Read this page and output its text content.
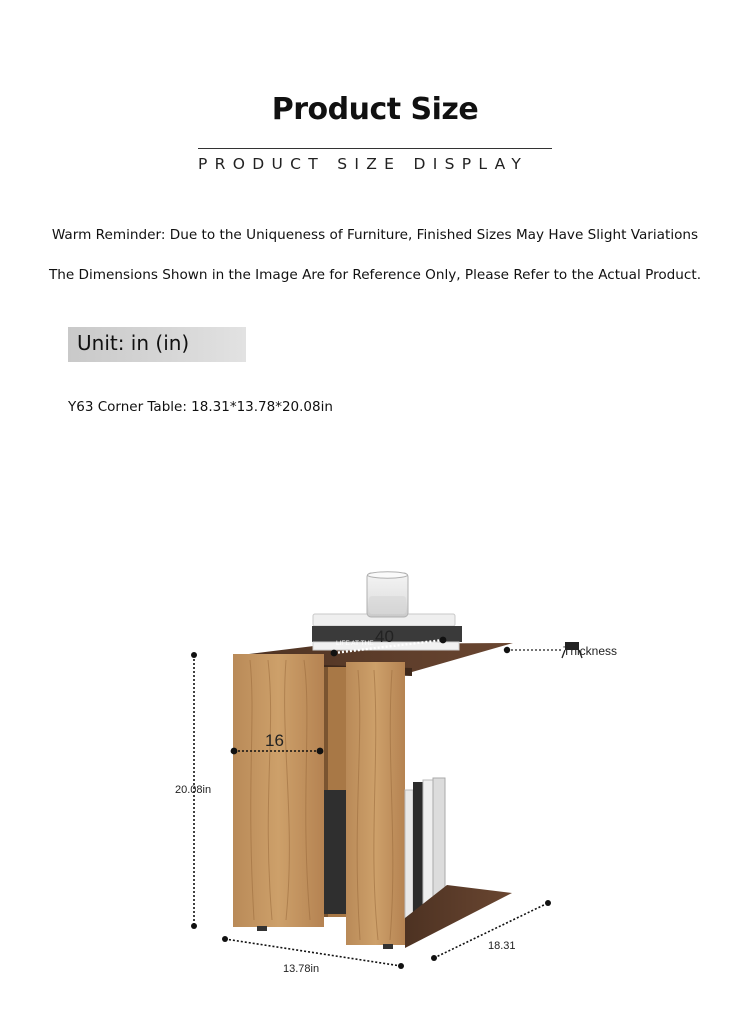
Product Size
PRODUCT SIZE DISPLAY
Warm Reminder: Due to the Uniqueness of Furniture, Finished Sizes May Have Slight Variations
The Dimensions Shown in the Image Are for Reference Only, Please Refer to the Actual Product.
Unit: in (in)
Y63 Corner Table: 18.31*13.78*20.08in
LIFE AT THE 40
Thickness
16
20.08in
13.78in
18.31
